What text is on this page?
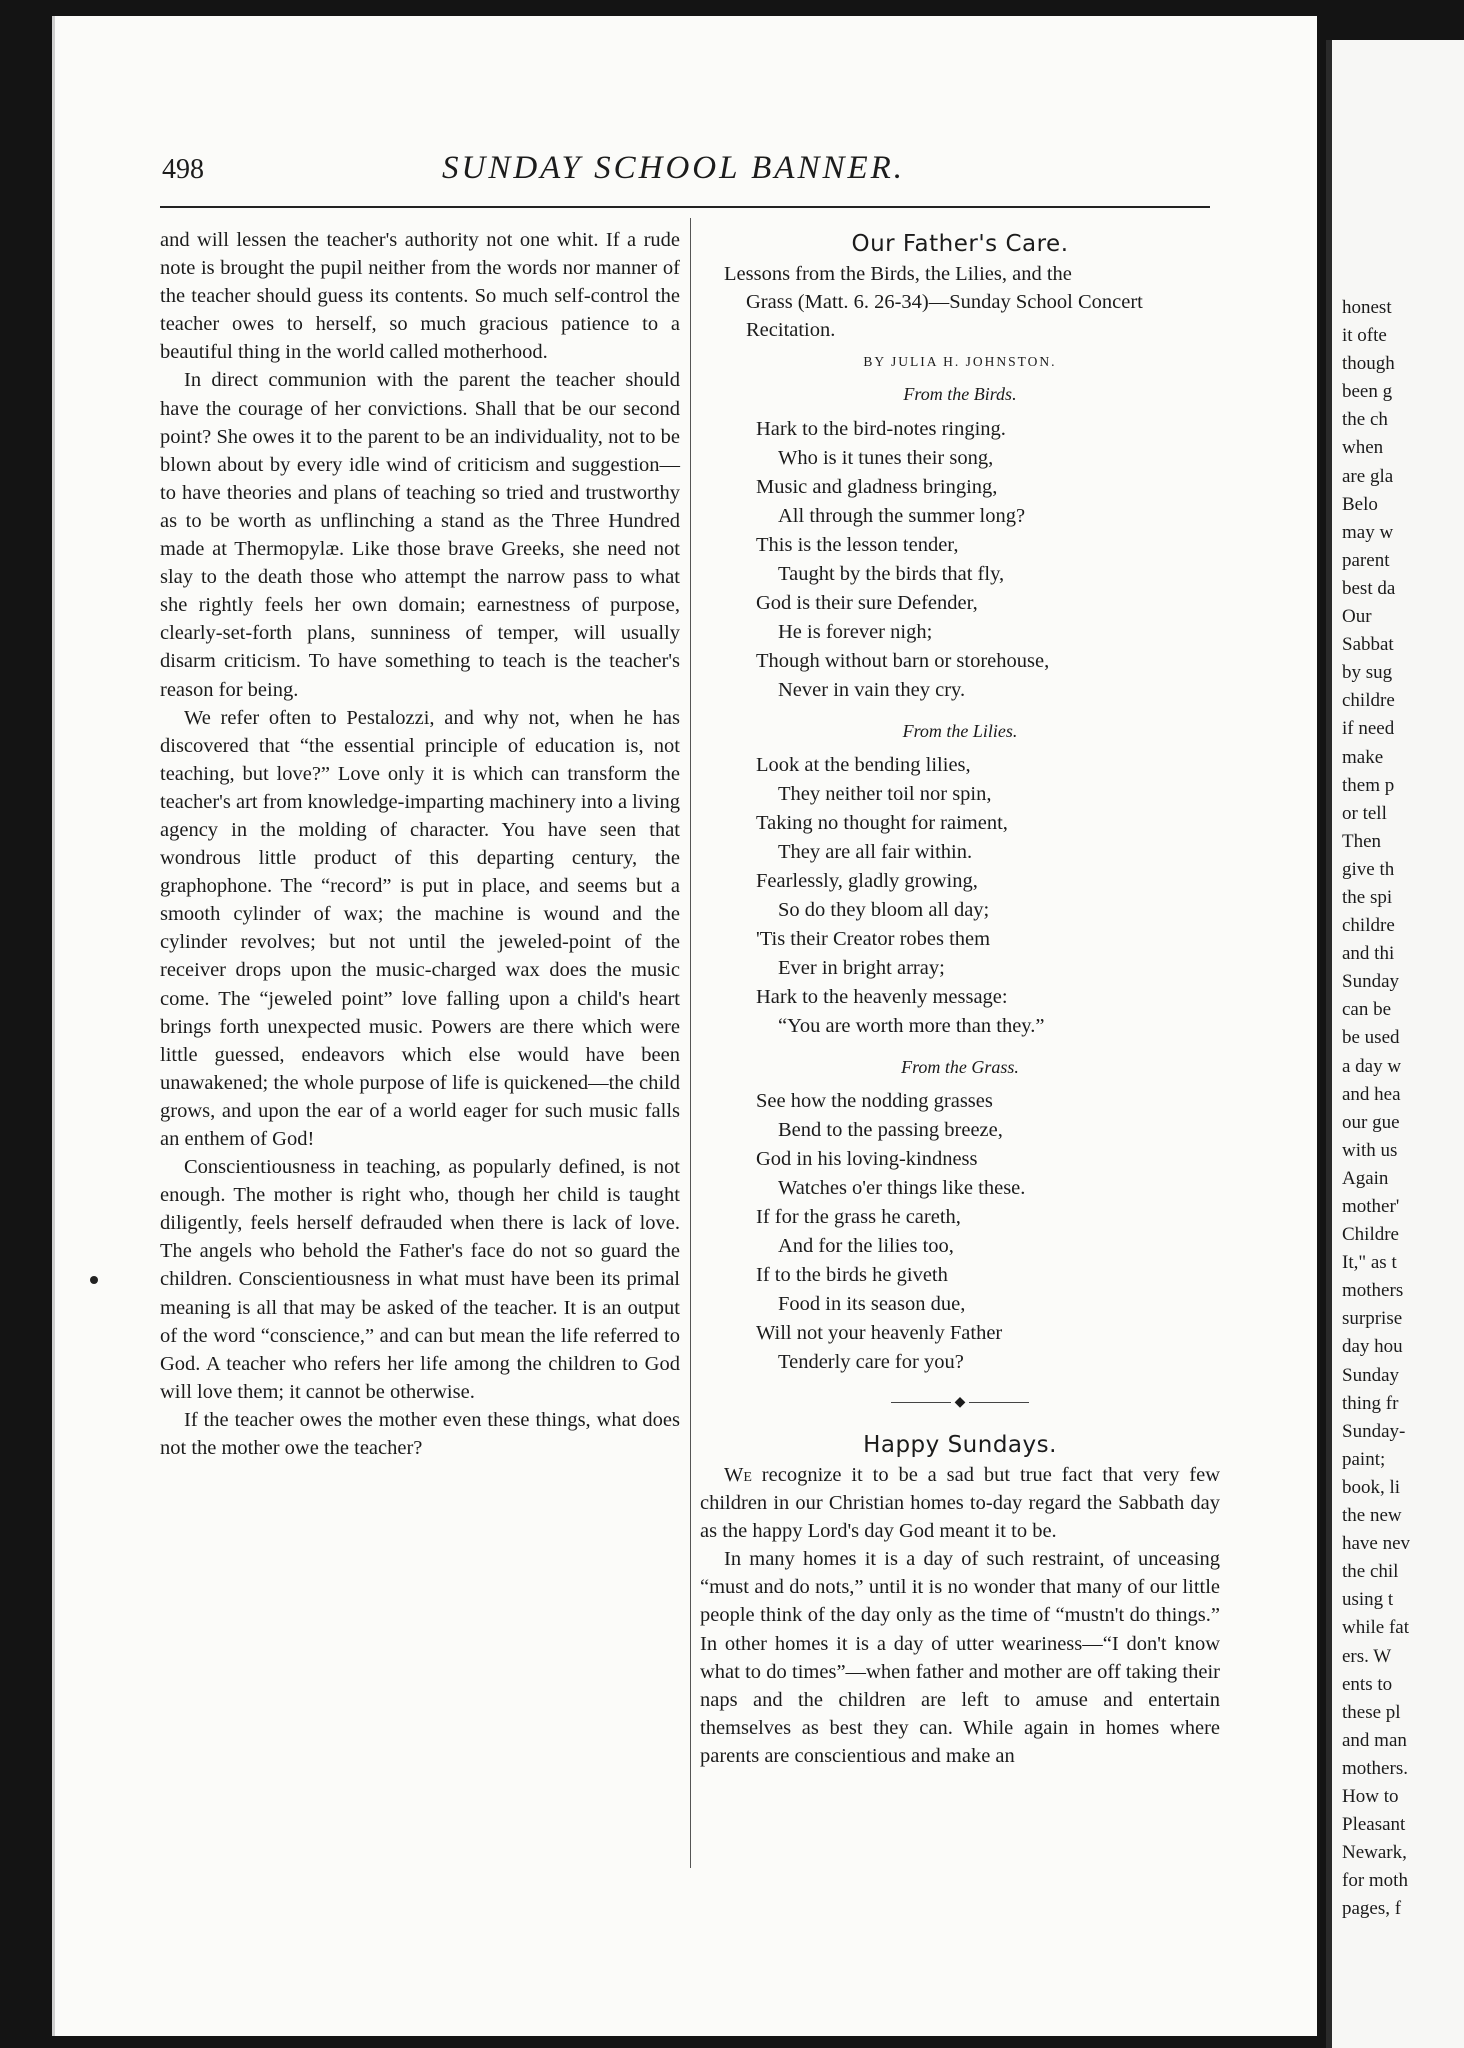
honest
it ofte
though
been g
the ch
when
are gla
Belo
may w
parent
best da
Our
Sabbat
by sug
childre
if need
make
them p
or tell
Then
give th
the spi
childre
and thi
Sunday
can be
be used
a day w
and hea
our gue
with us
Again
mother'
Childre
It," as t
mothers
surprise
day hou
Sunday
thing fr
Sunday-
paint;
book, li
the new
have nev
the chil
using t
while fat
ers. W
ents to
these pl
and man
mothers.
How to
Pleasant
Newark,
for moth
pages, f
498	SUNDAY SCHOOL BANNER.

and will lessen the teacher's authority not one whit. If a rude note is brought the pupil neither from the words nor manner of the teacher should guess its contents. So much self-control the teacher owes to herself, so much gracious patience to a beautiful thing in the world called motherhood.

In direct communion with the parent the teacher should have the courage of her convictions. Shall that be our second point? She owes it to the parent to be an individuality, not to be blown about by every idle wind of criticism and suggestion—to have theories and plans of teaching so tried and trustworthy as to be worth as unflinching a stand as the Three Hundred made at Thermopylæ. Like those brave Greeks, she need not slay to the death those who attempt the narrow pass to what she rightly feels her own domain; earnestness of purpose, clearly-set-forth plans, sunniness of temper, will usually disarm criticism. To have something to teach is the teacher's reason for being.

We refer often to Pestalozzi, and why not, when he has discovered that “the essential principle of education is, not teaching, but love?” Love only it is which can transform the teacher's art from knowledge-imparting machinery into a living agency in the molding of character. You have seen that wondrous little product of this departing century, the graphophone. The “record” is put in place, and seems but a smooth cylinder of wax; the machine is wound and the cylinder revolves; but not until the jeweled-point of the receiver drops upon the music-charged wax does the music come. The “jeweled point” love falling upon a child's heart brings forth unexpected music. Powers are there which were little guessed, endeavors which else would have been unawakened; the whole purpose of life is quickened—the child grows, and upon the ear of a world eager for such music falls an enthem of God!

Conscientiousness in teaching, as popularly defined, is not enough. The mother is right who, though her child is taught diligently, feels herself defrauded when there is lack of love. The angels who behold the Father's face do not so guard the children. Conscientiousness in what must have been its primal meaning is all that may be asked of the teacher. It is an output of the word “conscience,” and can but mean the life referred to God. A teacher who refers her life among the children to God will love them; it cannot be otherwise.

If the teacher owes the mother even these things, what does not the mother owe the teacher?

Our Father's Care.

Lessons from the Birds, the Lilies, and the
Grass (Matt. 6. 26-34)—Sunday School Concert
Recitation.

BY JULIA H. JOHNSTON.
From the Birds.
Hark to the bird-notes ringing.
Who is it tunes their song,
Music and gladness bringing,
All through the summer long?
This is the lesson tender,
Taught by the birds that fly,
God is their sure Defender,
He is forever nigh;
Though without barn or storehouse,
Never in vain they cry.
From the Lilies.
Look at the bending lilies,
They neither toil nor spin,
Taking no thought for raiment,
They are all fair within.
Fearlessly, gladly growing,
So do they bloom all day;
'Tis their Creator robes them
Ever in bright array;
Hark to the heavenly message:
“You are worth more than they.”
From the Grass.
See how the nodding grasses
Bend to the passing breeze,
God in his loving-kindness
Watches o'er things like these.
If for the grass he careth,
And for the lilies too,
If to the birds he giveth
Food in its season due,
Will not your heavenly Father
Tenderly care for you?
◆
Happy Sundays.

We recognize it to be a sad but true fact that very few children in our Christian homes to-day regard the Sabbath day as the happy Lord's day God meant it to be.

In many homes it is a day of such restraint, of unceasing “must and do nots,” until it is no wonder that many of our little people think of the day only as the time of “mustn't do things.” In other homes it is a day of utter weariness—“I don't know what to do times”—when father and mother are off taking their naps and the children are left to amuse and entertain themselves as best they can. While again in homes where parents are conscientious and make an
